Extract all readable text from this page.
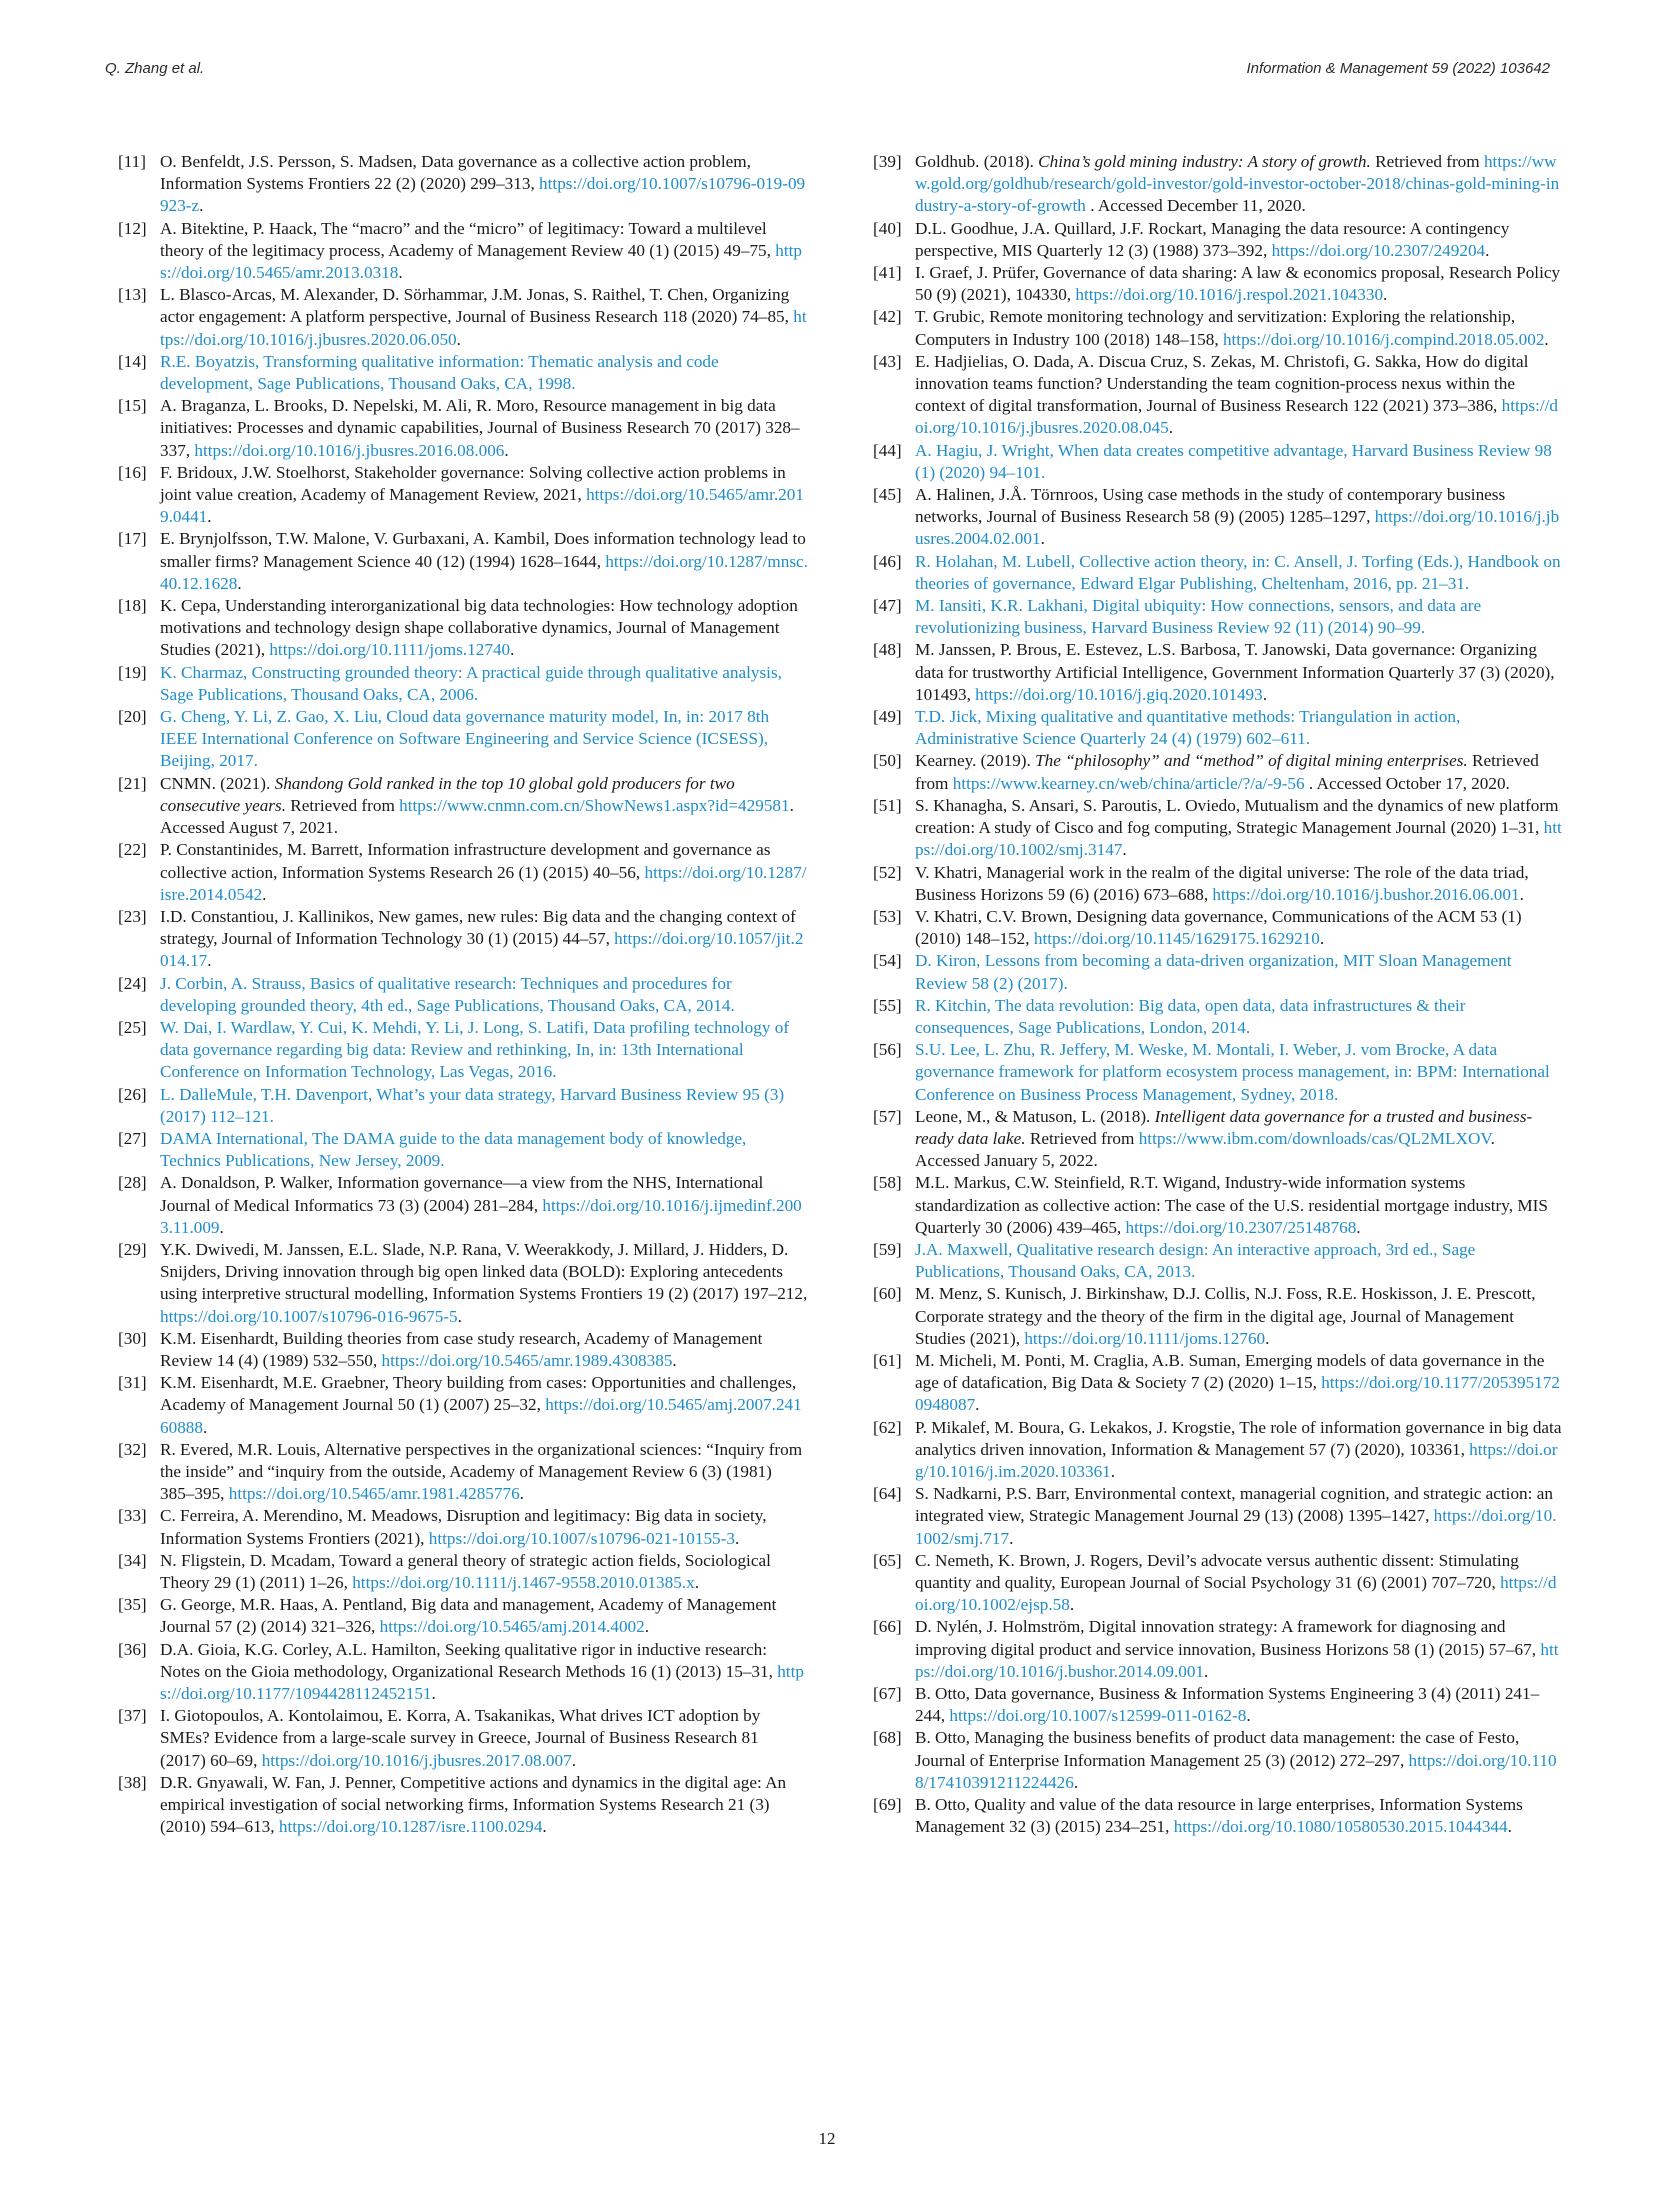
Q. Zhang et al.	Information & Management 59 (2022) 103642
[11] O. Benfeldt, J.S. Persson, S. Madsen, Data governance as a collective action problem, Information Systems Frontiers 22 (2) (2020) 299–313, https://doi.org/10.1007/s10796-019-09923-z.
[12] A. Bitektine, P. Haack, The “macro” and the “micro” of legitimacy: Toward a multilevel theory of the legitimacy process, Academy of Management Review 40 (1) (2015) 49–75, https://doi.org/10.5465/amr.2013.0318.
[13] L. Blasco-Arcas, M. Alexander, D. Sörhammar, J.M. Jonas, S. Raithel, T. Chen, Organizing actor engagement: A platform perspective, Journal of Business Research 118 (2020) 74–85, https://doi.org/10.1016/j.jbusres.2020.06.050.
[14] R.E. Boyatzis, Transforming qualitative information: Thematic analysis and code development, Sage Publications, Thousand Oaks, CA, 1998.
[15] A. Braganza, L. Brooks, D. Nepelski, M. Ali, R. Moro, Resource management in big data initiatives: Processes and dynamic capabilities, Journal of Business Research 70 (2017) 328–337, https://doi.org/10.1016/j.jbusres.2016.08.006.
[16] F. Bridoux, J.W. Stoelhorst, Stakeholder governance: Solving collective action problems in joint value creation, Academy of Management Review, 2021, https://doi.org/10.5465/amr.2019.0441.
[17] E. Brynjolfsson, T.W. Malone, V. Gurbaxani, A. Kambil, Does information technology lead to smaller firms? Management Science 40 (12) (1994) 1628–1644, https://doi.org/10.1287/mnsc.40.12.1628.
[18] K. Cepa, Understanding interorganizational big data technologies: How technology adoption motivations and technology design shape collaborative dynamics, Journal of Management Studies (2021), https://doi.org/10.1111/joms.12740.
[19] K. Charmaz, Constructing grounded theory: A practical guide through qualitative analysis, Sage Publications, Thousand Oaks, CA, 2006.
[20] G. Cheng, Y. Li, Z. Gao, X. Liu, Cloud data governance maturity model, In, in: 2017 8th IEEE International Conference on Software Engineering and Service Science (ICSESS), Beijing, 2017.
[21] CNMN. (2021). Shandong Gold ranked in the top 10 global gold producers for two consecutive years. Retrieved from https://www.cnmn.com.cn/ShowNews1.aspx?id=429581. Accessed August 7, 2021.
[22] P. Constantinides, M. Barrett, Information infrastructure development and governance as collective action, Information Systems Research 26 (1) (2015) 40–56, https://doi.org/10.1287/isre.2014.0542.
[23] I.D. Constantiou, J. Kallinikos, New games, new rules: Big data and the changing context of strategy, Journal of Information Technology 30 (1) (2015) 44–57, https://doi.org/10.1057/jit.2014.17.
[24] J. Corbin, A. Strauss, Basics of qualitative research: Techniques and procedures for developing grounded theory, 4th ed., Sage Publications, Thousand Oaks, CA, 2014.
[25] W. Dai, I. Wardlaw, Y. Cui, K. Mehdi, Y. Li, J. Long, S. Latifi, Data profiling technology of data governance regarding big data: Review and rethinking, In, in: 13th International Conference on Information Technology, Las Vegas, 2016.
[26] L. DalleMule, T.H. Davenport, What’s your data strategy, Harvard Business Review 95 (3) (2017) 112–121.
[27] DAMA International, The DAMA guide to the data management body of knowledge, Technics Publications, New Jersey, 2009.
[28] A. Donaldson, P. Walker, Information governance—a view from the NHS, International Journal of Medical Informatics 73 (3) (2004) 281–284, https://doi.org/10.1016/j.ijmedinf.2003.11.009.
[29] Y.K. Dwivedi, M. Janssen, E.L. Slade, N.P. Rana, V. Weerakkody, J. Millard, J. Hidders, D. Snijders, Driving innovation through big open linked data (BOLD): Exploring antecedents using interpretive structural modelling, Information Systems Frontiers 19 (2) (2017) 197–212, https://doi.org/10.1007/s10796-016-9675-5.
[30] K.M. Eisenhardt, Building theories from case study research, Academy of Management Review 14 (4) (1989) 532–550, https://doi.org/10.5465/amr.1989.4308385.
[31] K.M. Eisenhardt, M.E. Graebner, Theory building from cases: Opportunities and challenges, Academy of Management Journal 50 (1) (2007) 25–32, https://doi.org/10.5465/amj.2007.24160888.
[32] R. Evered, M.R. Louis, Alternative perspectives in the organizational sciences: “Inquiry from the inside” and “inquiry from the outside, Academy of Management Review 6 (3) (1981) 385–395, https://doi.org/10.5465/amr.1981.4285776.
[33] C. Ferreira, A. Merendino, M. Meadows, Disruption and legitimacy: Big data in society, Information Systems Frontiers (2021), https://doi.org/10.1007/s10796-021-10155-3.
[34] N. Fligstein, D. Mcadam, Toward a general theory of strategic action fields, Sociological Theory 29 (1) (2011) 1–26, https://doi.org/10.1111/j.1467-9558.2010.01385.x.
[35] G. George, M.R. Haas, A. Pentland, Big data and management, Academy of Management Journal 57 (2) (2014) 321–326, https://doi.org/10.5465/amj.2014.4002.
[36] D.A. Gioia, K.G. Corley, A.L. Hamilton, Seeking qualitative rigor in inductive research: Notes on the Gioia methodology, Organizational Research Methods 16 (1) (2013) 15–31, https://doi.org/10.1177/1094428112452151.
[37] I. Giotopoulos, A. Kontolaimou, E. Korra, A. Tsakanikas, What drives ICT adoption by SMEs? Evidence from a large-scale survey in Greece, Journal of Business Research 81 (2017) 60–69, https://doi.org/10.1016/j.jbusres.2017.08.007.
[38] D.R. Gnyawali, W. Fan, J. Penner, Competitive actions and dynamics in the digital age: An empirical investigation of social networking firms, Information Systems Research 21 (3) (2010) 594–613, https://doi.org/10.1287/isre.1100.0294.
[39] Goldhub. (2018). China’s gold mining industry: A story of growth. Retrieved from https://www.gold.org/goldhub/research/gold-investor/gold-investor-october-2018/chinas-gold-mining-industry-a-story-of-growth . Accessed December 11, 2020.
[40] D.L. Goodhue, J.A. Quillard, J.F. Rockart, Managing the data resource: A contingency perspective, MIS Quarterly 12 (3) (1988) 373–392, https://doi.org/10.2307/249204.
[41] I. Graef, J. Prüfer, Governance of data sharing: A law & economics proposal, Research Policy 50 (9) (2021), 104330, https://doi.org/10.1016/j.respol.2021.104330.
[42] T. Grubic, Remote monitoring technology and servitization: Exploring the relationship, Computers in Industry 100 (2018) 148–158, https://doi.org/10.1016/j.compind.2018.05.002.
[43] E. Hadjielias, O. Dada, A. Discua Cruz, S. Zekas, M. Christofi, G. Sakka, How do digital innovation teams function? Understanding the team cognition-process nexus within the context of digital transformation, Journal of Business Research 122 (2021) 373–386, https://doi.org/10.1016/j.jbusres.2020.08.045.
[44] A. Hagiu, J. Wright, When data creates competitive advantage, Harvard Business Review 98 (1) (2020) 94–101.
[45] A. Halinen, J.Å. Törnroos, Using case methods in the study of contemporary business networks, Journal of Business Research 58 (9) (2005) 1285–1297, https://doi.org/10.1016/j.jbusres.2004.02.001.
[46] R. Holahan, M. Lubell, Collective action theory, in: C. Ansell, J. Torfing (Eds.), Handbook on theories of governance, Edward Elgar Publishing, Cheltenham, 2016, pp. 21–31.
[47] M. Iansiti, K.R. Lakhani, Digital ubiquity: How connections, sensors, and data are revolutionizing business, Harvard Business Review 92 (11) (2014) 90–99.
[48] M. Janssen, P. Brous, E. Estevez, L.S. Barbosa, T. Janowski, Data governance: Organizing data for trustworthy Artificial Intelligence, Government Information Quarterly 37 (3) (2020), 101493, https://doi.org/10.1016/j.giq.2020.101493.
[49] T.D. Jick, Mixing qualitative and quantitative methods: Triangulation in action, Administrative Science Quarterly 24 (4) (1979) 602–611.
[50] Kearney. (2019). The “philosophy” and “method” of digital mining enterprises. Retrieved from https://www.kearney.cn/web/china/article/?/a/-9-56 . Accessed October 17, 2020.
[51] S. Khanagha, S. Ansari, S. Paroutis, L. Oviedo, Mutualism and the dynamics of new platform creation: A study of Cisco and fog computing, Strategic Management Journal (2020) 1–31, https://doi.org/10.1002/smj.3147.
[52] V. Khatri, Managerial work in the realm of the digital universe: The role of the data triad, Business Horizons 59 (6) (2016) 673–688, https://doi.org/10.1016/j.bushor.2016.06.001.
[53] V. Khatri, C.V. Brown, Designing data governance, Communications of the ACM 53 (1) (2010) 148–152, https://doi.org/10.1145/1629175.1629210.
[54] D. Kiron, Lessons from becoming a data-driven organization, MIT Sloan Management Review 58 (2) (2017).
[55] R. Kitchin, The data revolution: Big data, open data, data infrastructures & their consequences, Sage Publications, London, 2014.
[56] S.U. Lee, L. Zhu, R. Jeffery, M. Weske, M. Montali, I. Weber, J. vom Brocke, A data governance framework for platform ecosystem process management, in: BPM: International Conference on Business Process Management, Sydney, 2018.
[57] Leone, M., & Matuson, L. (2018). Intelligent data governance for a trusted and business-ready data lake. Retrieved from https://www.ibm.com/downloads/cas/QL2MLXOV. Accessed January 5, 2022.
[58] M.L. Markus, C.W. Steinfield, R.T. Wigand, Industry-wide information systems standardization as collective action: The case of the U.S. residential mortgage industry, MIS Quarterly 30 (2006) 439–465, https://doi.org/10.2307/25148768.
[59] J.A. Maxwell, Qualitative research design: An interactive approach, 3rd ed., Sage Publications, Thousand Oaks, CA, 2013.
[60] M. Menz, S. Kunisch, J. Birkinshaw, D.J. Collis, N.J. Foss, R.E. Hoskisson, J. E. Prescott, Corporate strategy and the theory of the firm in the digital age, Journal of Management Studies (2021), https://doi.org/10.1111/joms.12760.
[61] M. Micheli, M. Ponti, M. Craglia, A.B. Suman, Emerging models of data governance in the age of datafication, Big Data & Society 7 (2) (2020) 1–15, https://doi.org/10.1177/2053951720948087.
[62] P. Mikalef, M. Boura, G. Lekakos, J. Krogstie, The role of information governance in big data analytics driven innovation, Information & Management 57 (7) (2020), 103361, https://doi.org/10.1016/j.im.2020.103361.
[64] S. Nadkarni, P.S. Barr, Environmental context, managerial cognition, and strategic action: an integrated view, Strategic Management Journal 29 (13) (2008) 1395–1427, https://doi.org/10.1002/smj.717.
[65] C. Nemeth, K. Brown, J. Rogers, Devil’s advocate versus authentic dissent: Stimulating quantity and quality, European Journal of Social Psychology 31 (6) (2001) 707–720, https://doi.org/10.1002/ejsp.58.
[66] D. Nylén, J. Holmström, Digital innovation strategy: A framework for diagnosing and improving digital product and service innovation, Business Horizons 58 (1) (2015) 57–67, https://doi.org/10.1016/j.bushor.2014.09.001.
[67] B. Otto, Data governance, Business & Information Systems Engineering 3 (4) (2011) 241–244, https://doi.org/10.1007/s12599-011-0162-8.
[68] B. Otto, Managing the business benefits of product data management: the case of Festo, Journal of Enterprise Information Management 25 (3) (2012) 272–297, https://doi.org/10.1108/17410391211224426.
[69] B. Otto, Quality and value of the data resource in large enterprises, Information Systems Management 32 (3) (2015) 234–251, https://doi.org/10.1080/10580530.2015.1044344.
12
